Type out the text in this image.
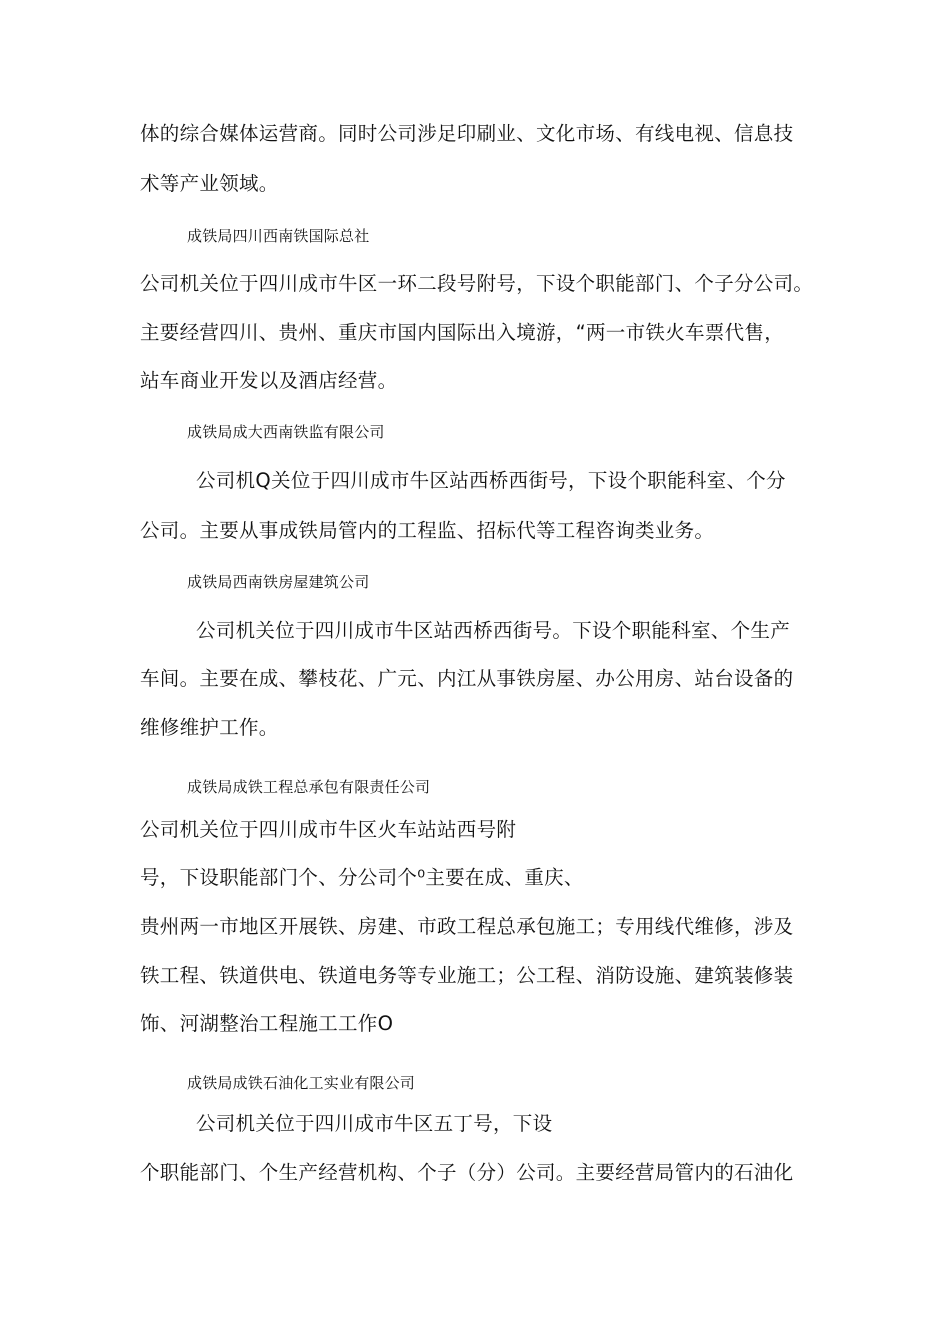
体的综合媒体运营商。同时公司涉足印刷业、文化市场、有线电视、信息技
术等产业领域。
成铁局四川西南铁国际总社
公司机关位于四川成市牛区一环二段号附号，下设个职能部门、个子分公司。
主要经营四川、贵州、重庆市国内国际出入境游，“两一市铁火车票代售，
站车商业开发以及酒店经营。
成铁局成大西南铁监有限公司
公司机Q关位于四川成市牛区站西桥西街号，下设个职能科室、个分
公司。主要从事成铁局管内的工程监、招标代等工程咨询类业务。
成铁局西南铁房屋建筑公司
公司机关位于四川成市牛区站西桥西街号。下设个职能科室、个生产
车间。主要在成、攀枝花、广元、内江从事铁房屋、办公用房、站台设备的
维修维护工作。
成铁局成铁工程总承包有限责任公司
公司机关位于四川成市牛区火车站站西号附
号，下设职能部门个、分公司个⁰主要在成、重庆、
贵州两一市地区开展铁、房建、市政工程总承包施工；专用线代维修，涉及
铁工程、铁道供电、铁道电务等专业施工；公工程、消防设施、建筑装修装
饰、河湖整治工程施工工作O
成铁局成铁石油化工实业有限公司
公司机关位于四川成市牛区五丁号，下设
个职能部门、个生产经营机构、个子（分）公司。主要经营局管内的石油化
